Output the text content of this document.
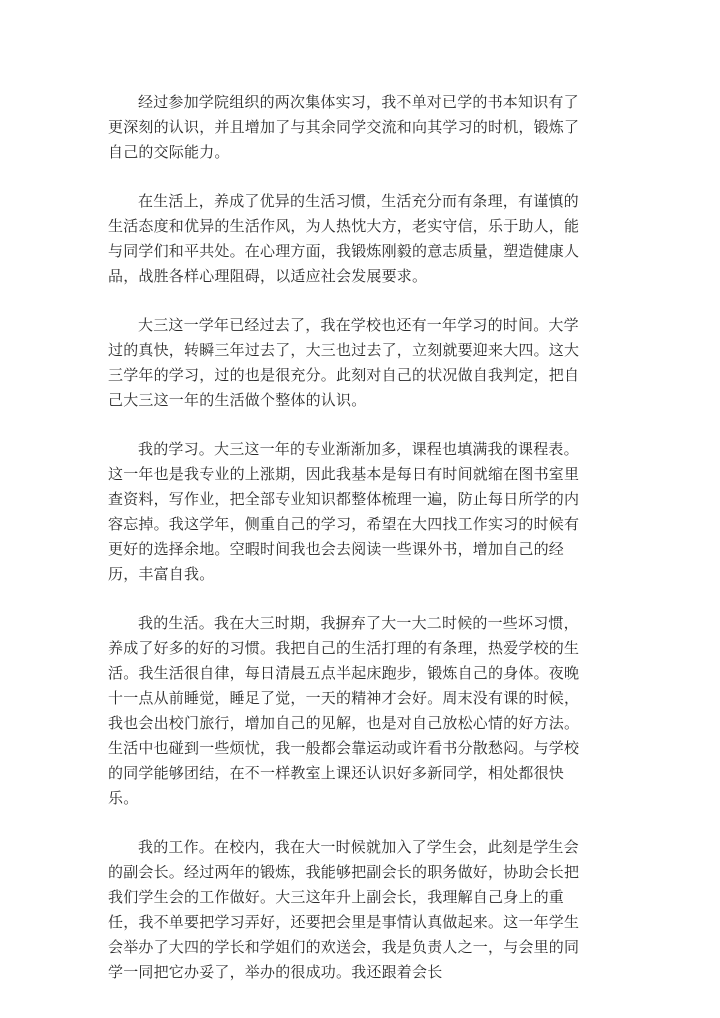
经过参加学院组织的两次集体实习，我不单对已学的书本知识有了更深刻的认识，并且增加了与其余同学交流和向其学习的时机，锻炼了自己的交际能力。

在生活上，养成了优异的生活习惯，生活充分而有条理，有谨慎的生活态度和优异的生活作风，为人热忱大方，老实守信，乐于助人，能与同学们和平共处。在心理方面，我锻炼刚毅的意志质量，塑造健康人品，战胜各样心理阻碍，以适应社会发展要求。

大三这一学年已经过去了，我在学校也还有一年学习的时间。大学过的真快，转瞬三年过去了，大三也过去了，立刻就要迎来大四。这大三学年的学习，过的也是很充分。此刻对自己的状况做自我判定，把自己大三这一年的生活做个整体的认识。

我的学习。大三这一年的专业渐渐加多，课程也填满我的课程表。这一年也是我专业的上涨期，因此我基本是每日有时间就缩在图书室里查资料，写作业，把全部专业知识都整体梳理一遍，防止每日所学的内容忘掉。我这学年，侧重自己的学习，希望在大四找工作实习的时候有更好的选择余地。空暇时间我也会去阅读一些课外书，增加自己的经历，丰富自我。

我的生活。我在大三时期，我摒弃了大一大二时候的一些坏习惯，养成了好多的好的习惯。我把自己的生活打理的有条理，热爱学校的生活。我生活很自律，每日清晨五点半起床跑步，锻炼自己的身体。夜晚十一点从前睡觉，睡足了觉，一天的精神才会好。周末没有课的时候，我也会出校门旅行，增加自己的见解，也是对自己放松心情的好方法。生活中也碰到一些烦忧，我一般都会靠运动或许看书分散愁闷。与学校的同学能够团结，在不一样教室上课还认识好多新同学，相处都很快乐。

我的工作。在校内，我在大一时候就加入了学生会，此刻是学生会的副会长。经过两年的锻炼，我能够把副会长的职务做好，协助会长把我们学生会的工作做好。大三这年升上副会长，我理解自己身上的重任，我不单要把学习弄好，还要把会里是事情认真做起来。这一年学生会举办了大四的学长和学姐们的欢送会，我是负责人之一，与会里的同学一同把它办妥了，举办的很成功。我还跟着会长
